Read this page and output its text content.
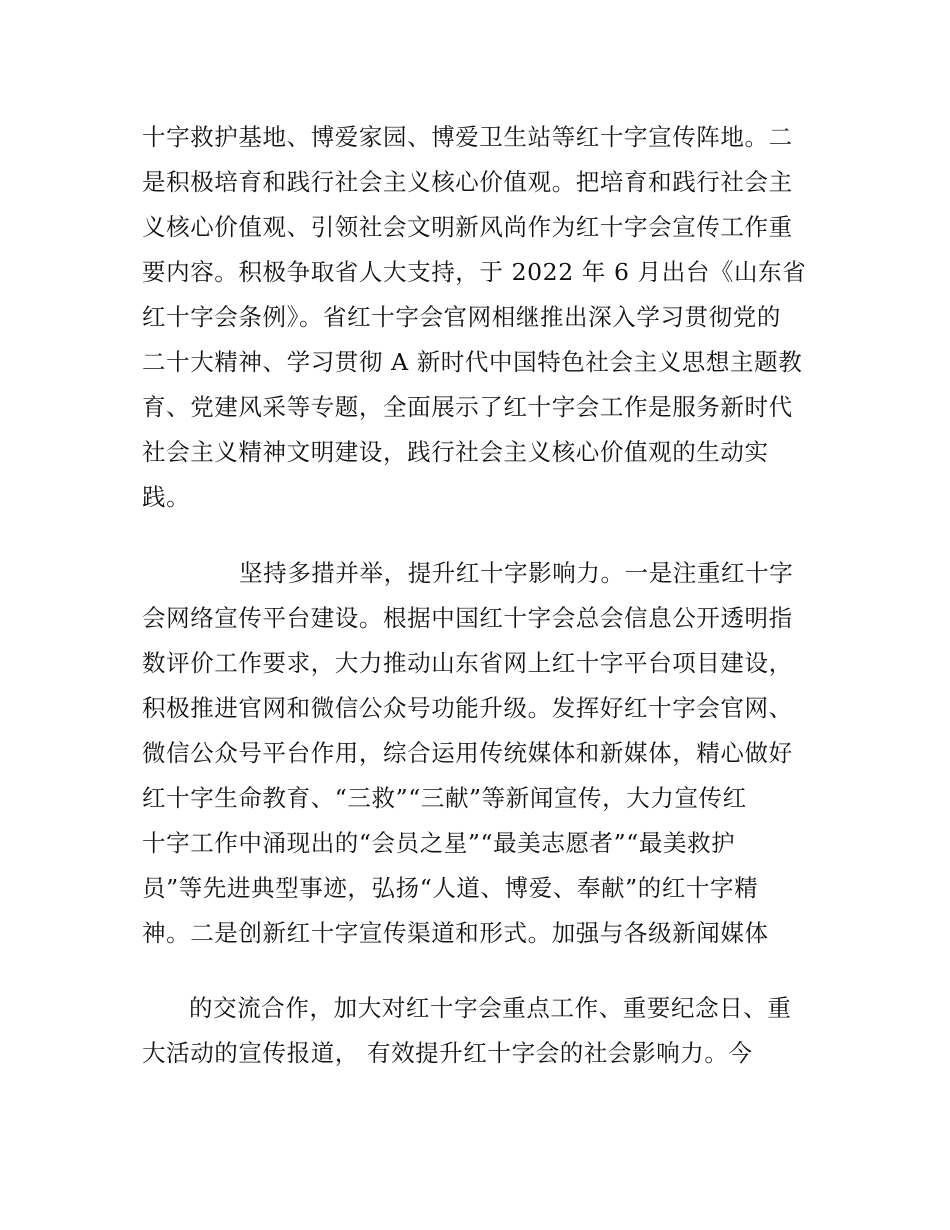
十字救护基地、博爱家园、博爱卫生站等红十字宣传阵地。二
是积极培育和践行社会主义核心价值观。把培育和践行社会主
义核心价值观、引领社会文明新风尚作为红十字会宣传工作重
要内容。积极争取省人大支持，于 2022 年 6 月出台《山东省
红十字会条例》。省红十字会官网相继推出深入学习贯彻党的
二十大精神、学习贯彻 A 新时代中国特色社会主义思想主题教
育、党建风采等专题，全面展示了红十字会工作是服务新时代
社会主义精神文明建设，践行社会主义核心价值观的生动实
践。
坚持多措并举，提升红十字影响力。一是注重红十字
会网络宣传平台建设。根据中国红十字会总会信息公开透明指
数评价工作要求，大力推动山东省网上红十字平台项目建设，
积极推进官网和微信公众号功能升级。发挥好红十字会官网、
微信公众号平台作用，综合运用传统媒体和新媒体，精心做好
红十字生命教育、“三救”“三献”等新闻宣传，大力宣传红
十字工作中涌现出的“会员之星”“最美志愿者”“最美救护
员”等先进典型事迹，弘扬“人道、博爱、奉献”的红十字精
神。二是创新红十字宣传渠道和形式。加强与各级新闻媒体
的交流合作，加大对红十字会重点工作、重要纪念日、重
大活动的宣传报道， 有效提升红十字会的社会影响力。今
